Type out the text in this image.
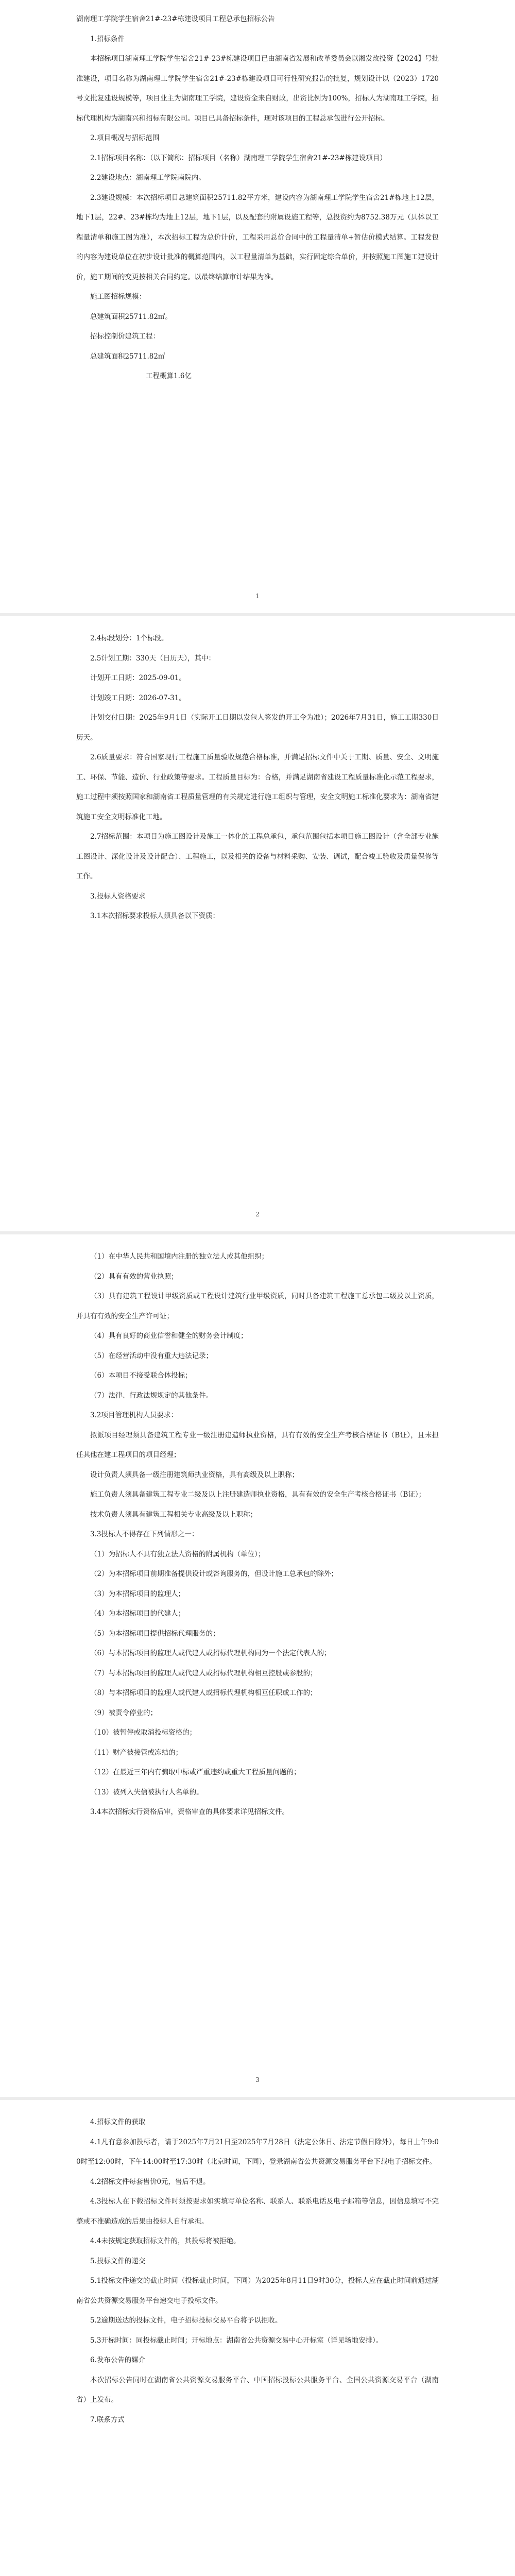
湖南理工学院学生宿舍21#-23#栋建设项目工程总承包招标公告

1.招标条件

本招标项目湖南理工学院学生宿舍21#-23#栋建设项目已由湖南省发展和改革委员会以湘发改投资【2024】号批准建设，项目名称为湖南理工学院学生宿舍21#-23#栋建设项目可行性研究报告的批复，规划设计以（2023）1720号文批复建设规模等，项目业主为湖南理工学院，建设资金来自财政，出资比例为100%，招标人为湖南理工学院，招标代理机构为湖南兴和招标有限公司。项目已具备招标条件，现对该项目的工程总承包进行公开招标。

2.项目概况与招标范围

2.1招标项目名称：（以下简称：招标项目（名称）湖南理工学院学生宿舍21#-23#栋建设项目）

2.2建设地点：湖南理工学院南院内。

2.3建设规模：本次招标项目总建筑面积25711.82平方米，建设内容为湖南理工学院学生宿舍21#栋地上12层，地下1层，22#、23#栋均为地上12层，地下1层，以及配套的附属设施工程等，总投资约为8752.38万元（具体以工程量清单和施工图为准），本次招标工程为总价计价，工程采用总价合同中的工程量清单+暂估价模式结算。工程发包的内容为建设单位在初步设计批准的概算范围内，以工程量清单为基础，实行固定综合单价，并按照施工图施工建设计价，施工期间的变更按相关合同约定。以最终结算审计结果为准。

施工图招标规模：

总建筑面积25711.82㎡。

招标控制价建筑工程：

总建筑面积25711.82㎡

工程概算1.6亿

1

2.4标段划分：1个标段。

2.5计划工期：330天（日历天），其中：

计划开工日期：2025-09-01。

计划竣工日期：2026-07-31。

计划交付日期：2025年9月1日（实际开工日期以发包人签发的开工令为准）；2026年7月31日，施工工期330日历天。

2.6质量要求：符合国家现行工程施工质量验收规范合格标准，并满足招标文件中关于工期、质量、安全、文明施工、环保、节能、造价、行业政策等要求。工程质量目标为：合格，并满足湖南省建设工程质量标准化示范工程要求，施工过程中须按照国家和湖南省工程质量管理的有关规定进行施工组织与管理，安全文明施工标准化要求为：湖南省建筑施工安全文明标准化工地。

2.7招标范围：本项目为施工图设计及施工一体化的工程总承包，承包范围包括本项目施工图设计（含全部专业施工图设计、深化设计及设计配合）、工程施工，以及相关的设备与材料采购、安装、调试，配合竣工验收及质量保修等工作。

3.投标人资格要求

3.1本次招标要求投标人须具备以下资质：

2

（1）在中华人民共和国境内注册的独立法人或其他组织；

（2）具有有效的营业执照；

（3）具有建筑工程设计甲级资质或工程设计建筑行业甲级资质，同时具备建筑工程施工总承包二级及以上资质，并具有有效的安全生产许可证；

（4）具有良好的商业信誉和健全的财务会计制度；

（5）在经营活动中没有重大违法记录；

（6）本项目不接受联合体投标；

（7）法律、行政法规规定的其他条件。

3.2项目管理机构人员要求：

拟派项目经理须具备建筑工程专业一级注册建造师执业资格，具有有效的安全生产考核合格证书（B证），且未担任其他在建工程项目的项目经理；

设计负责人须具备一级注册建筑师执业资格，具有高级及以上职称；

施工负责人须具备建筑工程专业二级及以上注册建造师执业资格，具有有效的安全生产考核合格证书（B证）；

技术负责人须具有建筑工程相关专业高级及以上职称；

3.3投标人不得存在下列情形之一：

（1）为招标人不具有独立法人资格的附属机构（单位）；

（2）为本招标项目前期准备提供设计或咨询服务的，但设计施工总承包的除外；

（3）为本招标项目的监理人；

（4）为本招标项目的代建人；

（5）为本招标项目提供招标代理服务的；

（6）与本招标项目的监理人或代建人或招标代理机构同为一个法定代表人的；

（7）与本招标项目的监理人或代建人或招标代理机构相互控股或参股的；

（8）与本招标项目的监理人或代建人或招标代理机构相互任职或工作的；

（9）被责令停业的；

（10）被暂停或取消投标资格的；

（11）财产被接管或冻结的；

（12）在最近三年内有骗取中标或严重违约或重大工程质量问题的；

（13）被列入失信被执行人名单的。

3.4本次招标实行资格后审，资格审查的具体要求详见招标文件。

3

4.招标文件的获取

4.1凡有意参加投标者，请于2025年7月21日至2025年7月28日（法定公休日、法定节假日除外），每日上午9:00时至12:00时，下午14:00时至17:30时（北京时间，下同），登录湖南省公共资源交易服务平台下载电子招标文件。

4.2招标文件每套售价0元，售后不退。

4.3投标人在下载招标文件时须按要求如实填写单位名称、联系人、联系电话及电子邮箱等信息，因信息填写不完整或不准确造成的后果由投标人自行承担。

4.4未按规定获取招标文件的，其投标将被拒绝。

5.投标文件的递交

5.1投标文件递交的截止时间（投标截止时间，下同）为2025年8月11日9时30分，投标人应在截止时间前通过湖南省公共资源交易服务平台递交电子投标文件。

5.2逾期送达的投标文件，电子招标投标交易平台将予以拒收。

5.3开标时间：同投标截止时间；开标地点：湖南省公共资源交易中心开标室（详见场地安排）。

6.发布公告的媒介

本次招标公告同时在湖南省公共资源交易服务平台、中国招标投标公共服务平台、全国公共资源交易平台（湖南省）上发布。

7.联系方式
